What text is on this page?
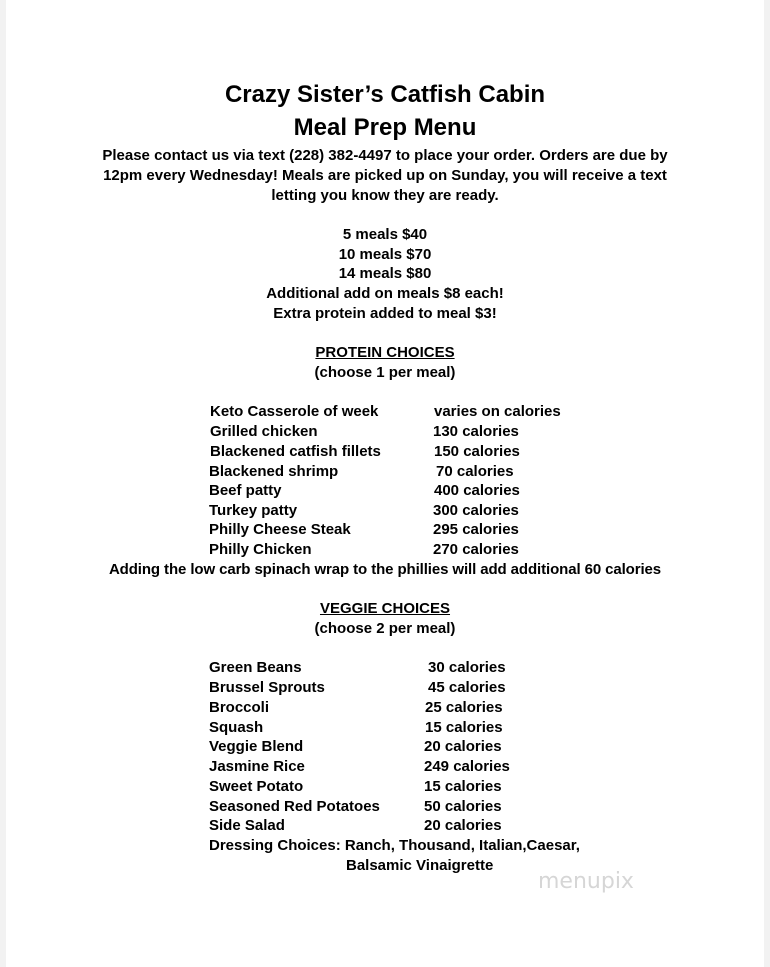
Crazy Sister’s Catfish Cabin
Meal Prep Menu
Please contact us via text (228) 382-4497 to place your order. Orders are due by
12pm every Wednesday! Meals are picked up on Sunday, you will receive a text
letting you know they are ready.
5 meals $40
10 meals $70
14 meals $80
Additional add on meals $8 each!
Extra protein added to meal $3!
PROTEIN CHOICES
(choose 1 per meal)
Keto Casserole of week	varies on calories
Grilled chicken	130 calories
Blackened catfish fillets	150 calories
Blackened shrimp	70 calories
Beef patty	400 calories
Turkey patty	300 calories
Philly Cheese Steak	295 calories
Philly Chicken	270 calories
Adding the low carb spinach wrap to the phillies will add additional 60 calories
VEGGIE CHOICES
(choose 2 per meal)
Green Beans	30 calories
Brussel Sprouts	45 calories
Broccoli	25 calories
Squash	15 calories
Veggie Blend	20 calories
Jasmine Rice	249 calories
Sweet Potato	15 calories
Seasoned Red Potatoes	50 calories
Side Salad	20 calories
Dressing Choices: Ranch, Thousand, Italian,Caesar,
Balsamic Vinaigrette
menupix
